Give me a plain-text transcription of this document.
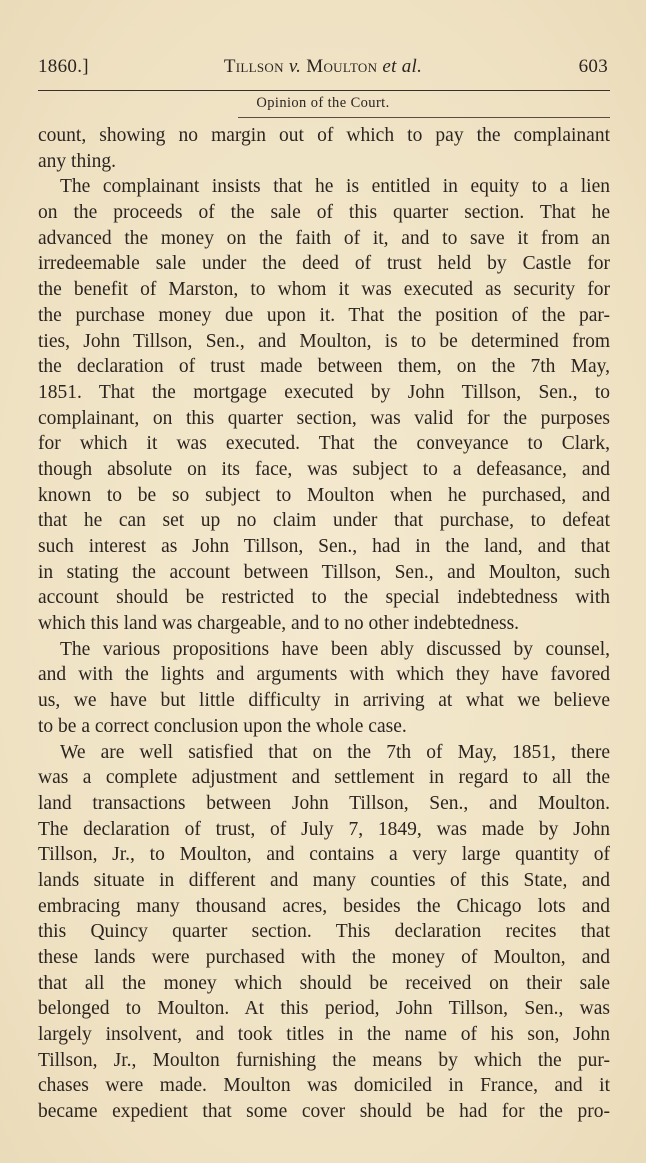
1860.]	Tillson v. Moulton et al.	603
Opinion of the Court.
count, showing no margin out of which to pay the complainant
any thing.
The complainant insists that he is entitled in equity to a lien
on the proceeds of the sale of this quarter section. That he
advanced the money on the faith of it, and to save it from an
irredeemable sale under the deed of trust held by Castle for
the benefit of Marston, to whom it was executed as security for
the purchase money due upon it. That the position of the par-
ties, John Tillson, Sen., and Moulton, is to be determined from
the declaration of trust made between them, on the 7th May,
1851. That the mortgage executed by John Tillson, Sen., to
complainant, on this quarter section, was valid for the purposes
for which it was executed. That the conveyance to Clark,
though absolute on its face, was subject to a defeasance, and
known to be so subject to Moulton when he purchased, and
that he can set up no claim under that purchase, to defeat
such interest as John Tillson, Sen., had in the land, and that
in stating the account between Tillson, Sen., and Moulton, such
account should be restricted to the special indebtedness with
which this land was chargeable, and to no other indebtedness.
The various propositions have been ably discussed by counsel,
and with the lights and arguments with which they have favored
us, we have but little difficulty in arriving at what we believe
to be a correct conclusion upon the whole case.
We are well satisfied that on the 7th of May, 1851, there
was a complete adjustment and settlement in regard to all the
land transactions between John Tillson, Sen., and Moulton.
The declaration of trust, of July 7, 1849, was made by John
Tillson, Jr., to Moulton, and contains a very large quantity of
lands situate in different and many counties of this State, and
embracing many thousand acres, besides the Chicago lots and
this Quincy quarter section. This declaration recites that
these lands were purchased with the money of Moulton, and
that all the money which should be received on their sale
belonged to Moulton. At this period, John Tillson, Sen., was
largely insolvent, and took titles in the name of his son, John
Tillson, Jr., Moulton furnishing the means by which the pur-
chases were made. Moulton was domiciled in France, and it
became expedient that some cover should be had for the pro-
